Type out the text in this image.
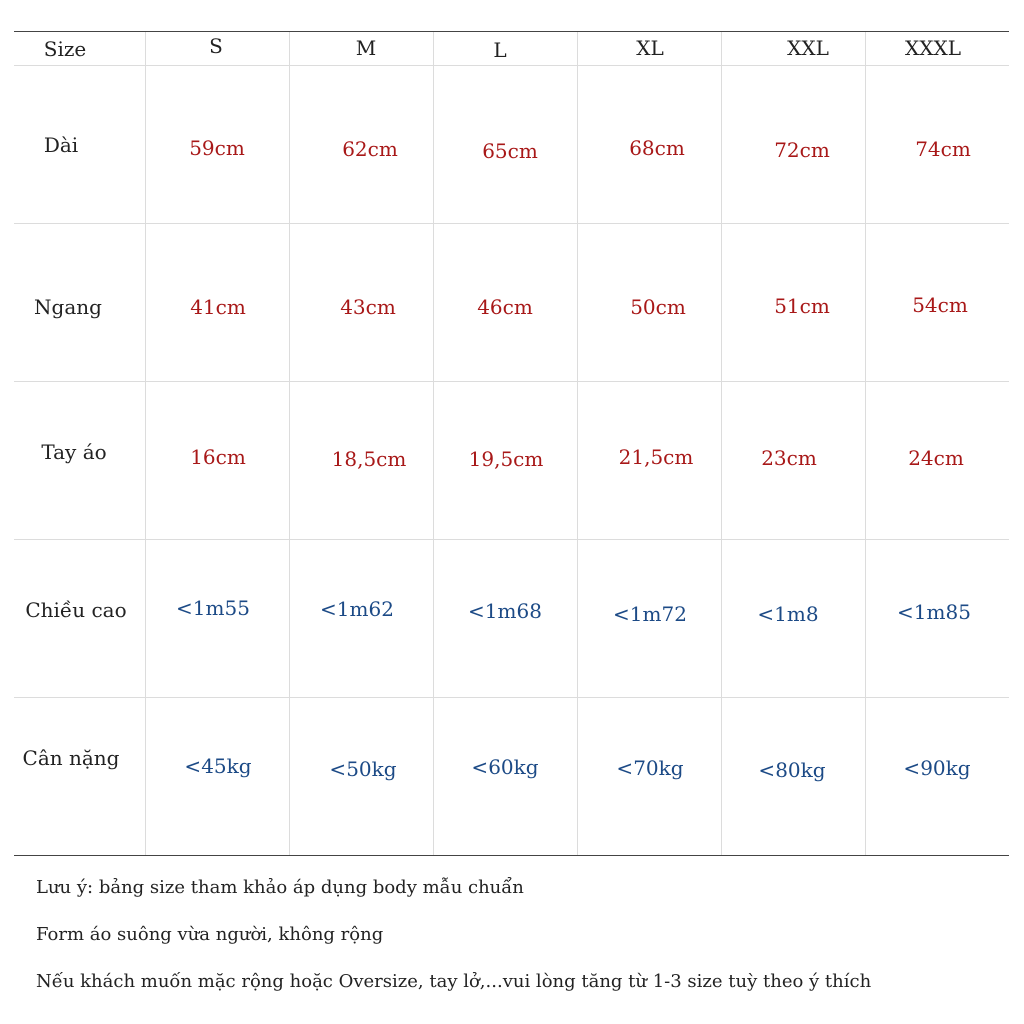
Size	S	M	L	XL	XXL	XXXL
Dài	59cm	62cm	65cm	68cm	72cm	74cm
Ngang	41cm	43cm	46cm	50cm	51cm	54cm
Tay áo	16cm	18,5cm	19,5cm	21,5cm	23cm	24cm
Chiều cao <1m55	<1m62	<1m68	<1m72	<1m8	<1m85
Cân nặng	<45kg	<50kg	<60kg	<70kg	<80kg	<90kg
Lưu ý: bảng size tham khảo áp dụng body mẫu chuẩn
Form áo suông vừa người, không rộng
Nếu khách muốn mặc rộng hoặc Oversize, tay lở,...vui lòng tăng từ 1-3 size tuỳ theo ý thích
